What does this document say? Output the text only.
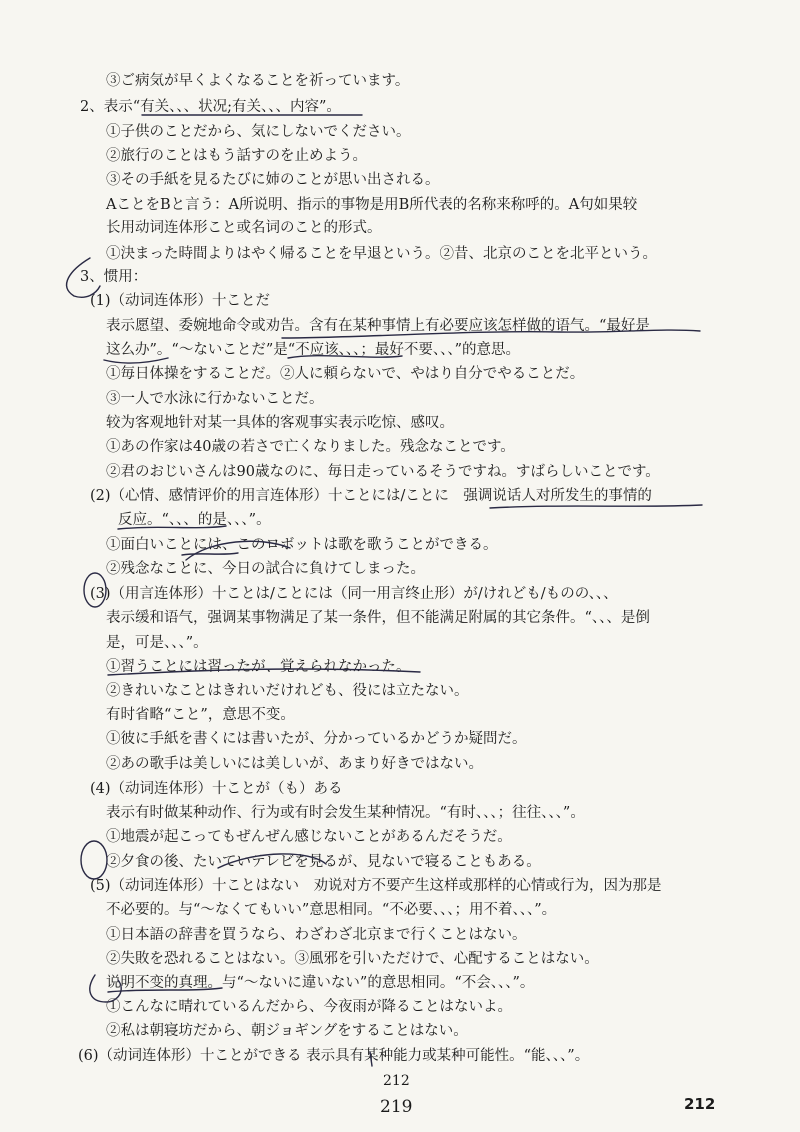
③ご病気が早くよくなることを祈っています。
2、表示“有关、、、状况;有关、、、内容”。
①子供のことだから、気にしないでください。
②旅行のことはもう話すのを止めよう。
③その手紙を見るたびに姉のことが思い出される。
AことをBと言う：A所说明、指示的事物是用B所代表的名称来称呼的。A句如果较
长用动词连体形こと或名词のこと的形式。
①決まった時間よりはやく帰ることを早退という。②昔、北京のことを北平という。
3、惯用：
(1)（动词连体形）十ことだ
表示愿望、委婉地命令或劝告。含有在某种事情上有必要应该怎样做的语气。“最好是
这么办”。“～ないことだ”是“不应该、、、；最好不要、、、”的意思。
①毎日体操をすることだ。②人に頼らないで、やはり自分でやることだ。
③一人で水泳に行かないことだ。
较为客观地针对某一具体的客观事实表示吃惊、感叹。
①あの作家は40歳の若さで亡くなりました。残念なことです。
②君のおじいさんは90歳なのに、毎日走っているそうですね。すばらしいことです。
(2)（心情、感情评价的用言连体形）十ことには/ことに　强调说话人对所发生的事情的
反应。“、、、的是、、、”。
①面白いことには、このロボットは歌を歌うことができる。
②残念なことに、今日の試合に負けてしまった。
(3)（用言连体形）十ことは/ことには（同一用言终止形）が/けれども/ものの、、、
表示缓和语气，强调某事物满足了某一条件，但不能满足附属的其它条件。“、、、是倒
是，可是、、、”。
①習うことには習ったが、覚えられなかった。
②きれいなことはきれいだけれども、役には立たない。
有时省略“こと”，意思不变。
①彼に手紙を書くには書いたが、分かっているかどうか疑問だ。
②あの歌手は美しいには美しいが、あまり好きではない。
(4)（动词连体形）十ことが（も）ある
表示有时做某种动作、行为或有时会发生某种情况。“有时、、、；往往、、、”。
①地震が起こってもぜんぜん感じないことがあるんだそうだ。
②夕食の後、たいていテレビを見るが、見ないで寝ることもある。
(5)（动词连体形）十ことはない　劝说对方不要产生这样或那样的心情或行为，因为那是
不必要的。与“～なくてもいい”意思相同。“不必要、、、；用不着、、、”。
①日本語の辞書を買うなら、わざわざ北京まで行くことはない。
②失敗を恐れることはない。③風邪を引いただけで、心配することはない。
说明不变的真理。与“～ないに違いない”的意思相同。“不会、、、”。
①こんなに晴れているんだから、今夜雨が降ることはないよ。
②私は朝寝坊だから、朝ジョギングをすることはない。
(6)（动词连体形）十ことができる 表示具有某种能力或某种可能性。“能、、、”。
212
219	212
